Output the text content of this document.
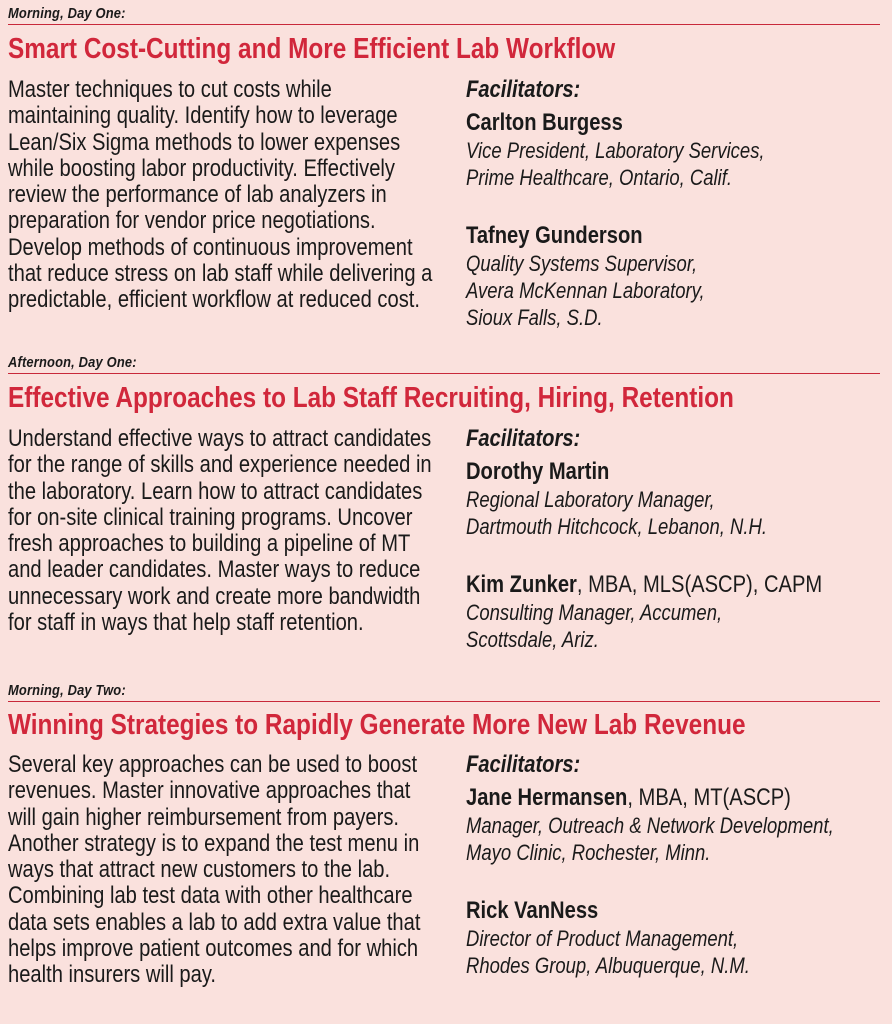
Morning, Day One:
Smart Cost-Cutting and More Efficient Lab Workflow

Master techniques to cut costs while maintaining quality. Identify how to leverage Lean/Six Sigma methods to lower expenses while boosting labor productivity. Effectively review the performance of lab analyzers in preparation for vendor price negotiations. Develop methods of continuous improvement that reduce stress on lab staff while delivering a predictable, efficient workflow at reduced cost.

Facilitators:
Carlton Burgess
Vice President, Laboratory Services,
Prime Healthcare, Ontario, Calif.
Tafney Gunderson
Quality Systems Supervisor,
Avera McKennan Laboratory,
Sioux Falls, S.D.
Afternoon, Day One:
Effective Approaches to Lab Staff Recruiting, Hiring, Retention

Understand effective ways to attract candidates for the range of skills and experience needed in the laboratory. Learn how to attract candidates for on-site clinical training programs. Uncover fresh approaches to building a pipeline of MT and leader candidates. Master ways to reduce unnecessary work and create more bandwidth for staff in ways that help staff retention.

Facilitators:
Dorothy Martin
Regional Laboratory Manager,
Dartmouth Hitchcock, Lebanon, N.H.
Kim Zunker, MBA, MLS(ASCP), CAPM
Consulting Manager, Accumen,
Scottsdale, Ariz.
Morning, Day Two:
Winning Strategies to Rapidly Generate More New Lab Revenue

Several key approaches can be used to boost revenues. Master innovative approaches that will gain higher reimbursement from payers. Another strategy is to expand the test menu in ways that attract new customers to the lab. Combining lab test data with other healthcare data sets enables a lab to add extra value that helps improve patient outcomes and for which health insurers will pay.

Facilitators:
Jane Hermansen, MBA, MT(ASCP)
Manager, Outreach & Network Development,
Mayo Clinic, Rochester, Minn.
Rick VanNess
Director of Product Management,
Rhodes Group, Albuquerque, N.M.
